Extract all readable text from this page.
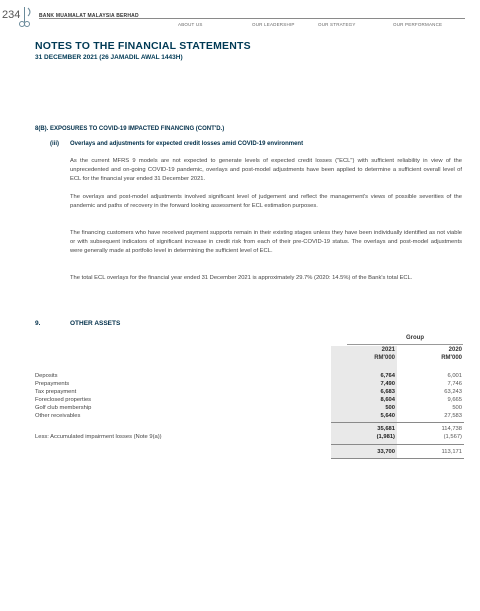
234	BANK MUAMALAT MALAYSIA BERHAD
ABOUT US	OUR LEADERSHIP	OUR STRATEGY	OUR PERFORMANCE
NOTES TO THE FINANCIAL STATEMENTS
31 DECEMBER 2021 (26 JAMADIL AWAL 1443H)
8(B). EXPOSURES TO COVID-19 IMPACTED FINANCING (CONT'D.)
(iii) Overlays and adjustments for expected credit losses amid COVID-19 environment

As the current MFRS 9 models are not expected to generate levels of expected credit losses ("ECL") with sufficient reliability in view of the unprecedented and on-going COVID-19 pandemic, overlays and post-model adjustments have been applied to determine a sufficient overall level of ECL for the financial year ended 31 December 2021.

The overlays and post-model adjustments involved significant level of judgement and reflect the management's views of possible severities of the pandemic and paths of recovery in the forward looking assessment for ECL estimation purposes.

The financing customers who have received payment supports remain in their existing stages unless they have been individually identified as not viable or with subsequent indicators of significant increase in credit risk from each of their pre-COVID-19 status. The overlays and post-model adjustments were generally made at portfolio level in determining the sufficient level of ECL.

The total ECL overlays for the financial year ended 31 December 2021 is approximately 29.7% (2020: 14.5%) of the Bank's total ECL.

9.	OTHER ASSETS
Group
2021
RM'000
2020
RM'000
Deposits	6,764	6,001
Prepayments	7,490	7,746
Tax prepayment	6,683	63,243
Foreclosed properties	8,604	9,665
Golf club membership	500	500
Other receivables	5,640	27,583
35,681	114,738
Less: Accumulated impairment losses (Note 9(a))	(1,981)	(1,567)
33,700	113,171
